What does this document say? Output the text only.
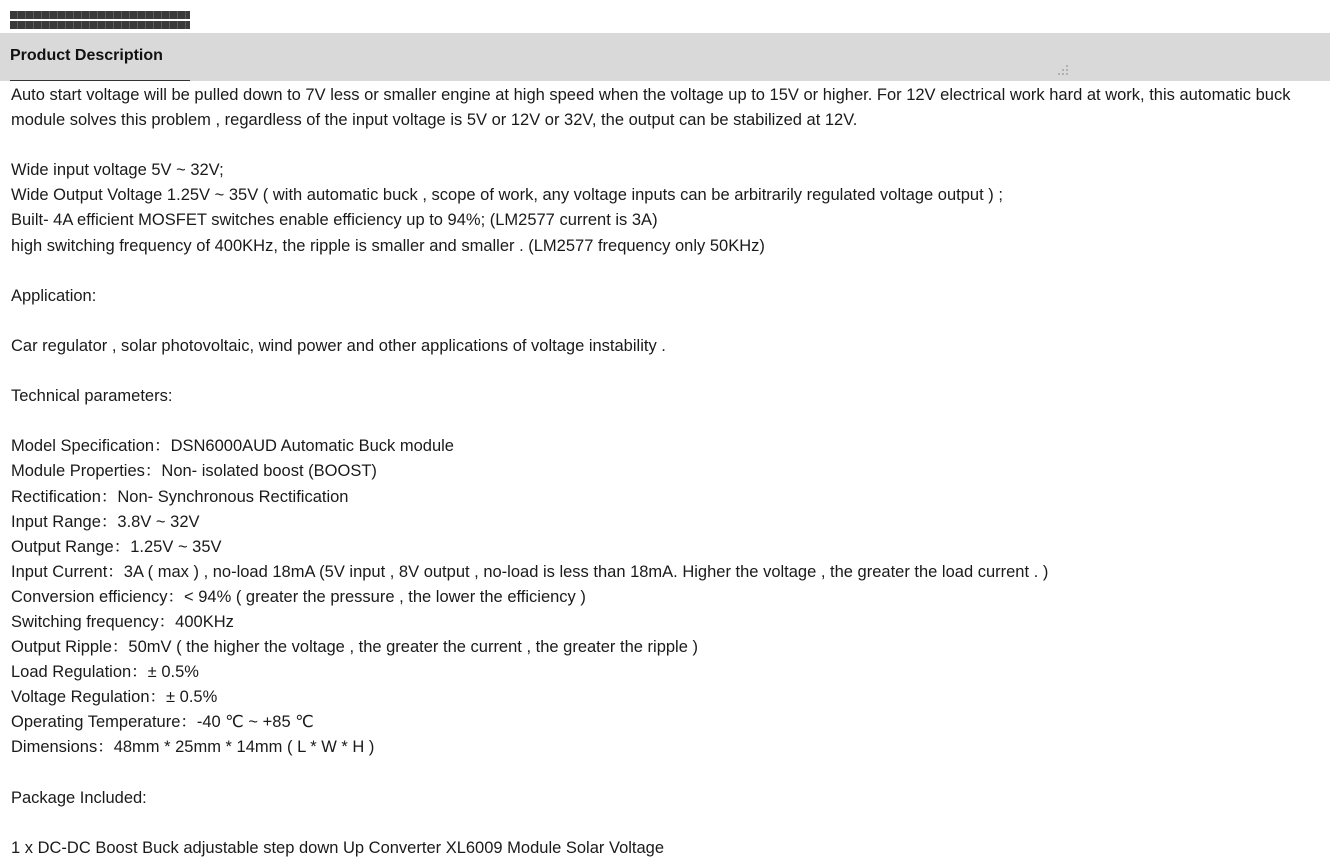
Product Description
Auto start voltage will be pulled down to 7V less or smaller engine at high speed when the voltage up to 15V or higher. For 12V electrical work hard at work, this automatic buck module solves this problem , regardless of the input voltage is 5V or 12V or 32V, the output can be stabilized at 12V.
Wide input voltage 5V ~ 32V;
Wide Output Voltage 1.25V ~ 35V ( with automatic buck , scope of work, any voltage inputs can be arbitrarily regulated voltage output ) ;
Built- 4A efficient MOSFET switches enable efficiency up to 94%; (LM2577 current is 3A)
high switching frequency of 400KHz, the ripple is smaller and smaller . (LM2577 frequency only 50KHz)
Application:
Car regulator , solar photovoltaic, wind power and other applications of voltage instability .
Technical parameters:
Model Specification：DSN6000AUD Automatic Buck module
Module Properties：Non- isolated boost (BOOST)
Rectification：Non- Synchronous Rectification
Input Range：3.8V ~ 32V
Output Range：1.25V ~ 35V
Input Current：3A ( max ) , no-load 18mA (5V input , 8V output , no-load is less than 18mA. Higher the voltage , the greater the load current . )
Conversion efficiency：< 94% ( greater the pressure , the lower the efficiency )
Switching frequency：400KHz
Output Ripple：50mV ( the higher the voltage , the greater the current , the greater the ripple )
Load Regulation：± 0.5%
Voltage Regulation：± 0.5%
Operating Temperature：-40 ℃ ~ +85 ℃
Dimensions：48mm * 25mm * 14mm ( L * W * H )
Package Included:
1 x DC-DC Boost Buck adjustable step down Up Converter XL6009 Module Solar Voltage
